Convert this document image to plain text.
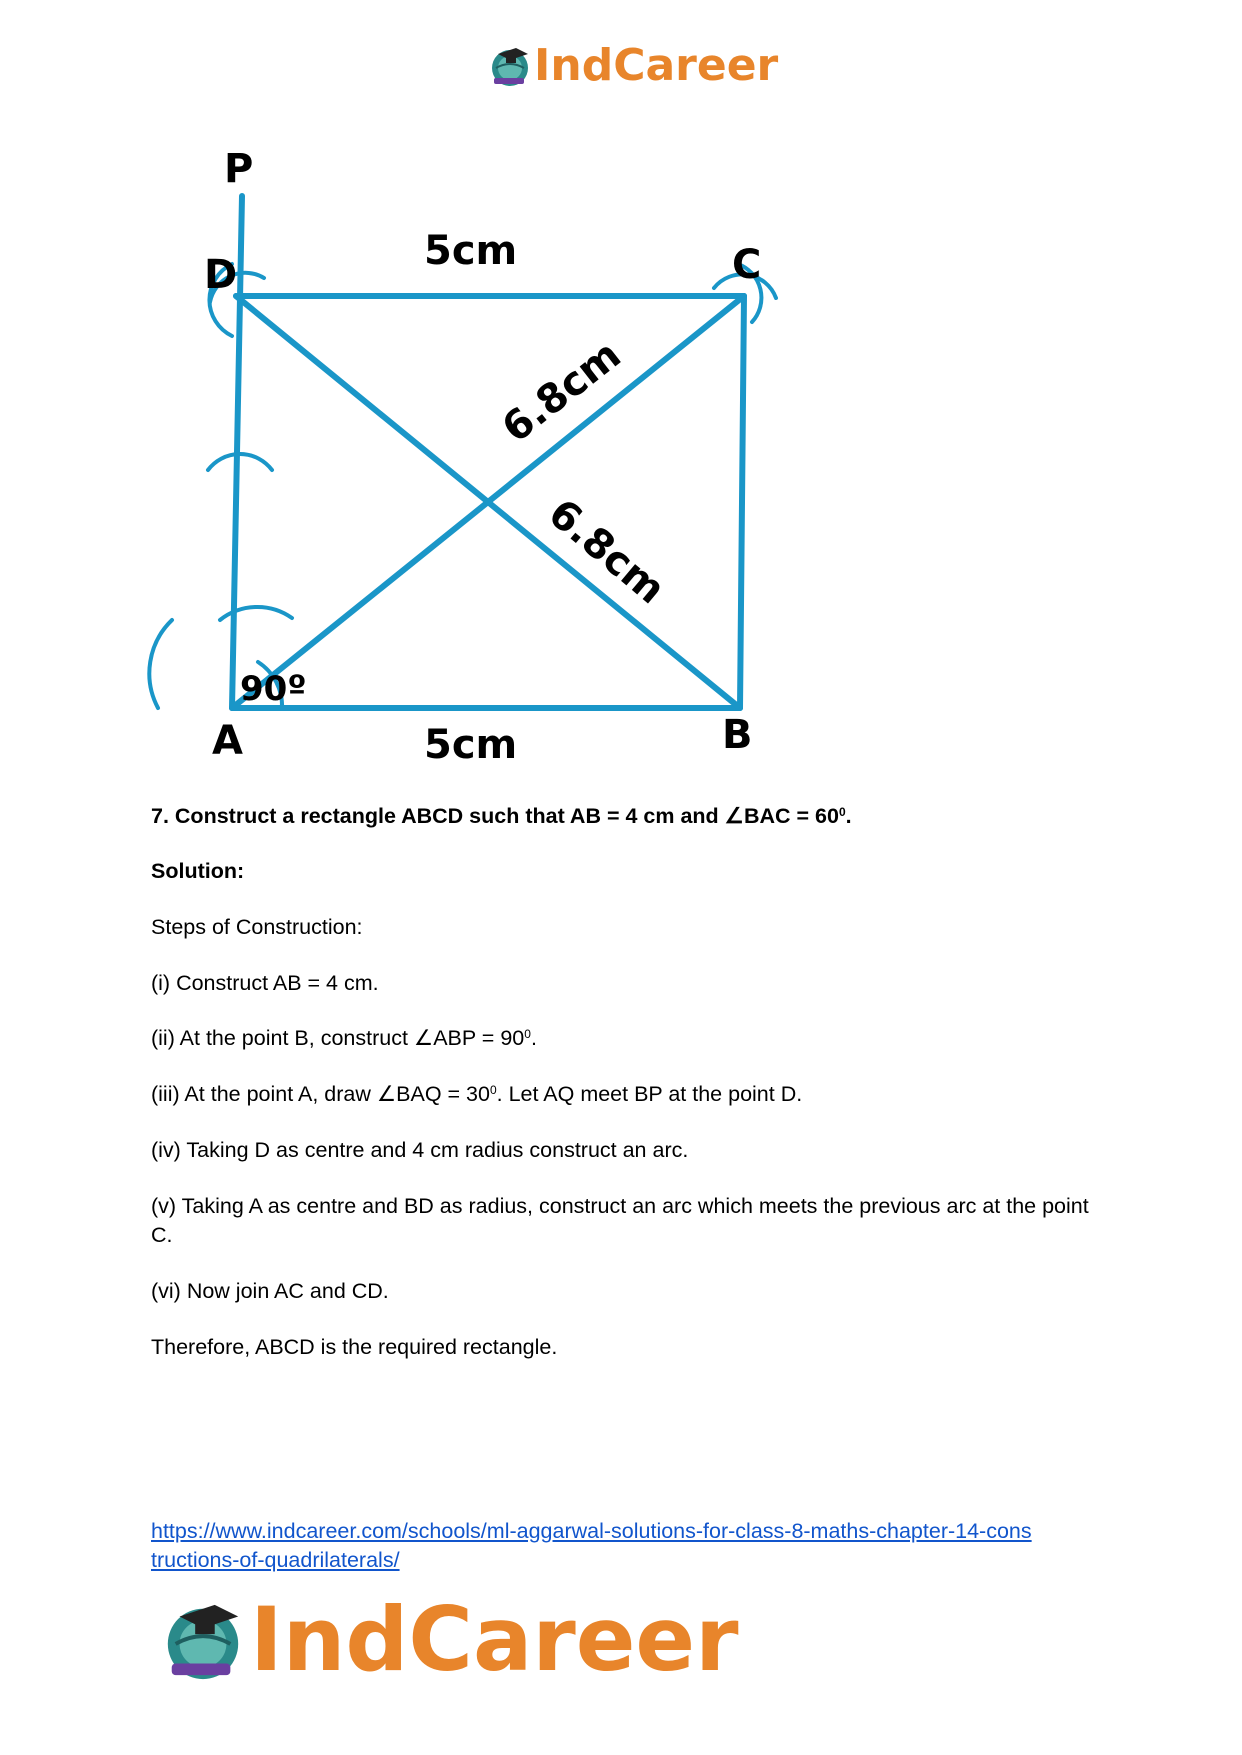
IndCareer
P
D	C
A	B
5cm
5cm
6.8cm
6.8cm
90º
7. Construct a rectangle ABCD such that AB = 4 cm and ∠BAC = $60^0$.
Solution:
Steps of Construction:
(i) Construct AB = 4 cm.
(ii) At the point B, construct ∠ABP = $90^0$.
(iii) At the point A, draw ∠BAQ = $30^0$. Let AQ meet BP at the point D.
(iv) Taking D as centre and 4 cm radius construct an arc.
(v) Taking A as centre and BD as radius, construct an arc which meets the previous arc at the point C.
(vi) Now join AC and CD.
Therefore, ABCD is the required rectangle.
https://www.indcareer.com/schools/ml-aggarwal-solutions-for-class-8-maths-chapter-14-cons
tructions-of-quadrilaterals/
IndCareer
